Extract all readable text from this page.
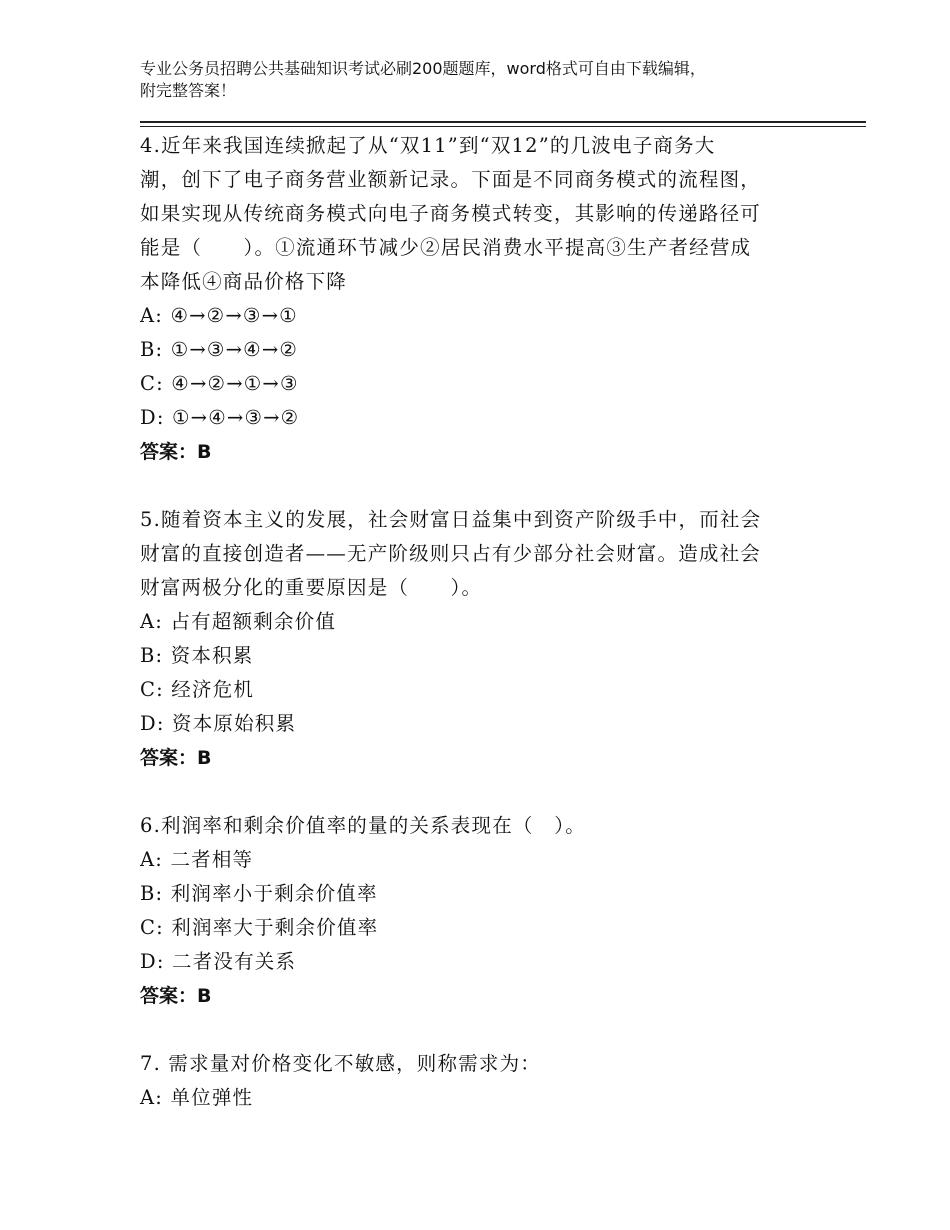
专业公务员招聘公共基础知识考试必刷200题题库，word格式可自由下载编辑，
附完整答案！

4.近年来我国连续掀起了从“双11”到“双12”的几波电子商务大

潮，创下了电子商务营业额新记录。下面是不同商务模式的流程图，

如果实现从传统商务模式向电子商务模式转变，其影响的传递路径可

能是（　　）。①流通环节减少②居民消费水平提高③生产者经营成

本降低④商品价格下降

A: ④→②→③→①

B: ①→③→④→②

C: ④→②→①→③

D: ①→④→③→②

答案：B

5.随着资本主义的发展，社会财富日益集中到资产阶级手中，而社会

财富的直接创造者——无产阶级则只占有少部分社会财富。造成社会

财富两极分化的重要原因是（　　）。

A: 占有超额剩余价值

B: 资本积累

C: 经济危机

D: 资本原始积累

答案：B

6.利润率和剩余价值率的量的关系表现在（　）。

A: 二者相等

B: 利润率小于剩余价值率

C: 利润率大于剩余价值率

D: 二者没有关系

答案：B

7. 需求量对价格变化不敏感，则称需求为：

A: 单位弹性
